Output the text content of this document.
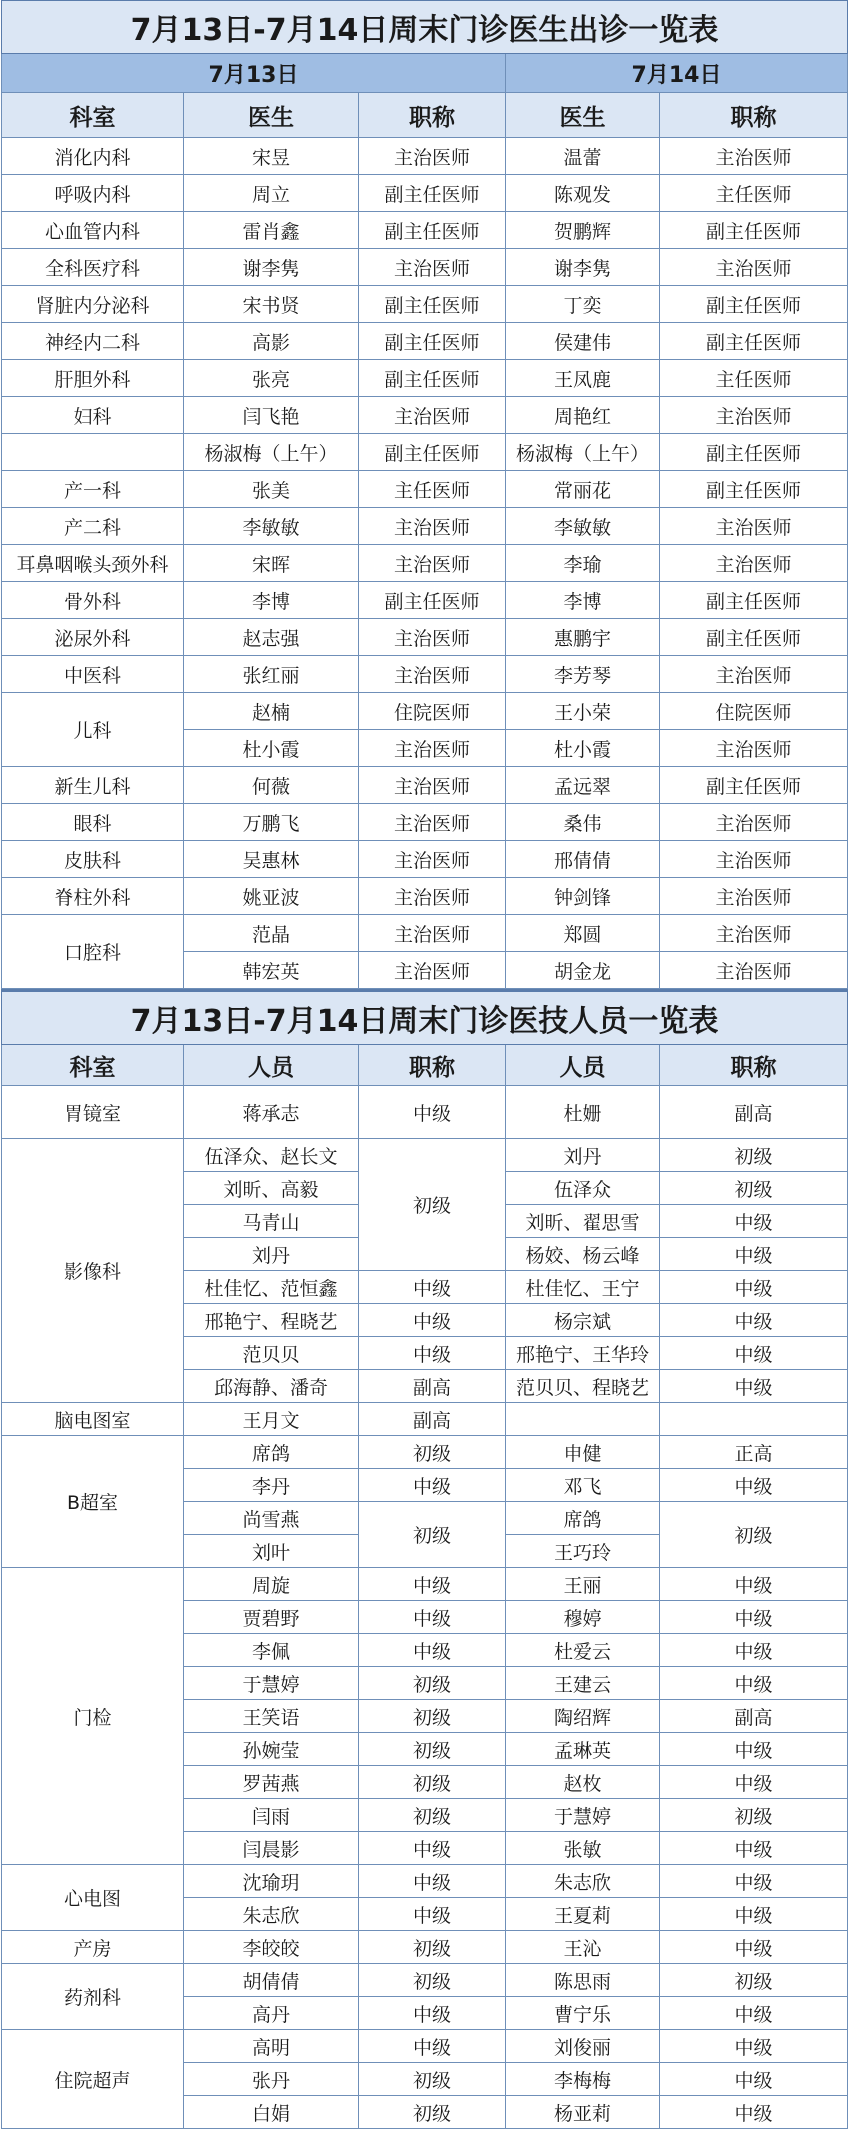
7月13日-7月14日周末门诊医生出诊一览表				
7月13日			7月14日	
科室	医生	职称	医生	职称
消化内科	宋昱	主治医师	温蕾	主治医师
呼吸内科	周立	副主任医师	陈观发	主任医师
心血管内科	雷肖鑫	副主任医师	贺鹏辉	副主任医师
全科医疗科	谢李隽	主治医师	谢李隽	主治医师
肾脏内分泌科	宋书贤	副主任医师	丁奕	副主任医师
神经内二科	高影	副主任医师	侯建伟	副主任医师
肝胆外科	张亮	副主任医师	王凤鹿	主任医师
妇科	闫飞艳	主治医师	周艳红	主治医师
	杨淑梅（上午）	副主任医师	杨淑梅（上午）	副主任医师
产一科	张美	主任医师	常丽花	副主任医师
产二科	李敏敏	主治医师	李敏敏	主治医师
耳鼻咽喉头颈外科	宋晖	主治医师	李瑜	主治医师
骨外科	李博	副主任医师	李博	副主任医师
泌尿外科	赵志强	主治医师	惠鹏宇	副主任医师
中医科	张红丽	主治医师	李芳琴	主治医师
儿科	赵楠	住院医师	王小荣	住院医师
	杜小霞	主治医师	杜小霞	主治医师
新生儿科	何薇	主治医师	孟远翠	副主任医师
眼科	万鹏飞	主治医师	桑伟	主治医师
皮肤科	吴惠林	主治医师	邢倩倩	主治医师
脊柱外科	姚亚波	主治医师	钟剑锋	主治医师
口腔科	范晶	主治医师	郑圆	主治医师
	韩宏英	主治医师	胡金龙	主治医师
7月13日-7月14日周末门诊医技人员一览表				
科室	人员	职称	人员	职称
胃镜室	蒋承志	中级	杜姗	副高
影像科	伍泽众、赵长文	初级	刘丹	初级
	刘昕、高毅		伍泽众	初级
	马青山		刘昕、翟思雪	中级
	刘丹		杨姣、杨云峰	中级
	杜佳忆、范恒鑫	中级	杜佳忆、王宁	中级
	邢艳宁、程晓艺	中级	杨宗斌	中级
	范贝贝	中级	邢艳宁、王华玲	中级
	邱海静、潘奇	副高	范贝贝、程晓艺	中级
脑电图室	王月文	副高		
B超室	席鸽	初级	申健	正高
	李丹	中级	邓飞	中级
	尚雪燕	初级	席鸽	初级
	刘叶		王巧玲	
门检	周旋	中级	王丽	中级
	贾碧野	中级	穆婷	中级
	李佩	中级	杜爱云	中级
	于慧婷	初级	王建云	中级
	王笑语	初级	陶绍辉	副高
	孙婉莹	初级	孟琳英	中级
	罗茜燕	初级	赵枚	中级
	闫雨	初级	于慧婷	初级
	闫晨影	中级	张敏	中级
心电图	沈瑜玥	中级	朱志欣	中级
	朱志欣	中级	王夏莉	中级
产房	李皎皎	初级	王沁	中级
药剂科	胡倩倩	初级	陈思雨	初级
	高丹	中级	曹宁乐	中级
住院超声	高明	中级	刘俊丽	中级
	张丹	初级	李梅梅	中级
	白娟	初级	杨亚莉	中级
